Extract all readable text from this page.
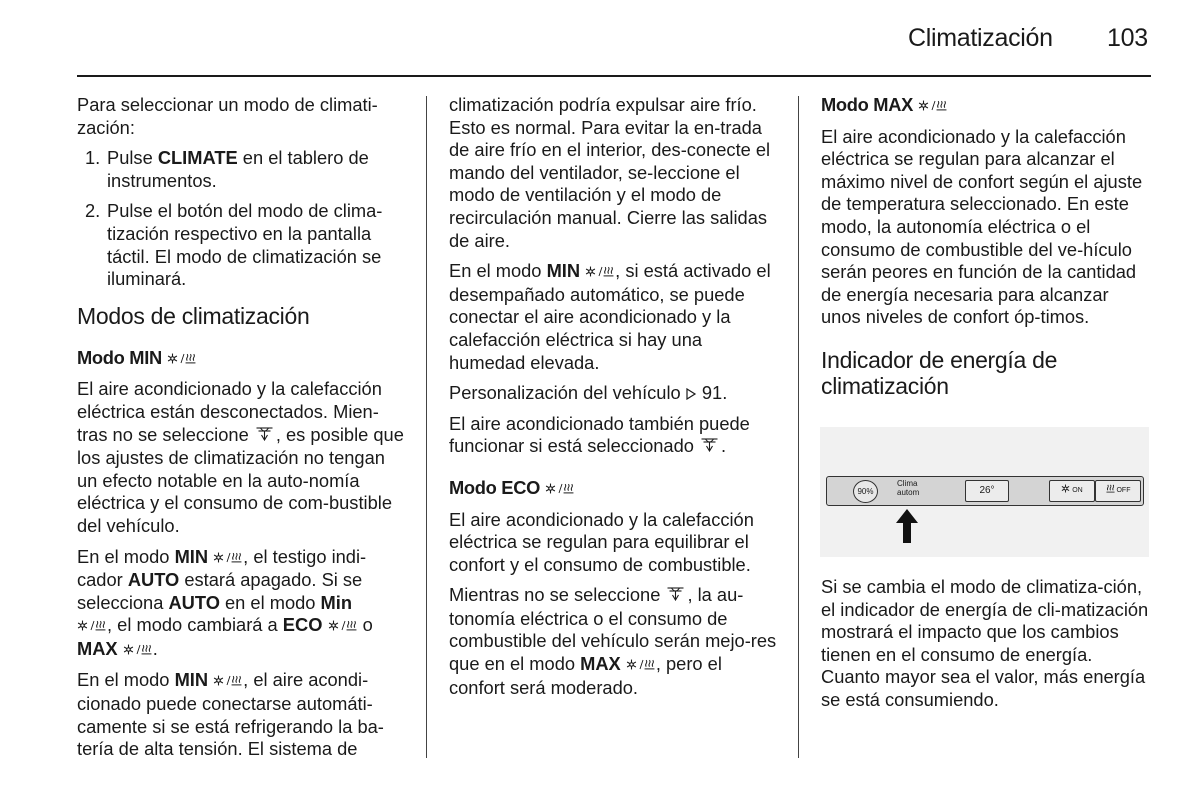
Climatización 103

Para seleccionar un modo de climati-zación:

1. Pulse CLIMATE en el tablero de instrumentos.
2. Pulse el botón del modo de clima-tización respectivo en la pantalla táctil. El modo de climatización se iluminará.
Modos de climatización

Modo MIN

El aire acondicionado y la calefacción eléctrica están desconectados. Mien-tras no se seleccione , es posible que los ajustes de climatización no tengan un efecto notable en la auto-nomía eléctrica y el consumo de com-bustible del vehículo.

En el modo MIN , el testigo indi-cador AUTO estará apagado. Si se selecciona AUTO en el modo Min
, el modo cambiará a ECO  o
MAX .

En el modo MIN , el aire acondi-cionado puede conectarse automáti-camente si se está refrigerando la ba-tería de alta tensión. El sistema de

climatización podría expulsar aire frío. Esto es normal. Para evitar la en-trada de aire frío en el interior, des-conecte el mando del ventilador, se-leccione el modo de ventilación y el modo de recirculación manual. Cierre las salidas de aire.

En el modo MIN , si está activado el desempañado automático, se puede conectar el aire acondicionado y la calefacción eléctrica si hay una humedad elevada.

Personalización del vehículo  91.

El aire acondicionado también puede funcionar si está seleccionado .

Modo ECO

El aire acondicionado y la calefacción eléctrica se regulan para equilibrar el confort y el consumo de combustible.

Mientras no se seleccione , la au-tonomía eléctrica o el consumo de combustible del vehículo serán mejo-res que en el modo MAX , pero el confort será moderado.

Modo MAX

El aire acondicionado y la calefacción eléctrica se regulan para alcanzar el máximo nivel de confort según el ajuste de temperatura seleccionado. En este modo, la autonomía eléctrica o el consumo de combustible del ve-hículo serán peores en función de la cantidad de energía necesaria para alcanzar unos niveles de confort óp-timos.

Indicador de energía de climatización
90%
Clima
autom	26°	ON	OFF

Si se cambia el modo de climatiza-ción, el indicador de energía de cli-matización mostrará el impacto que los cambios tienen en el consumo de energía. Cuanto mayor sea el valor, más energía se está consumiendo.
